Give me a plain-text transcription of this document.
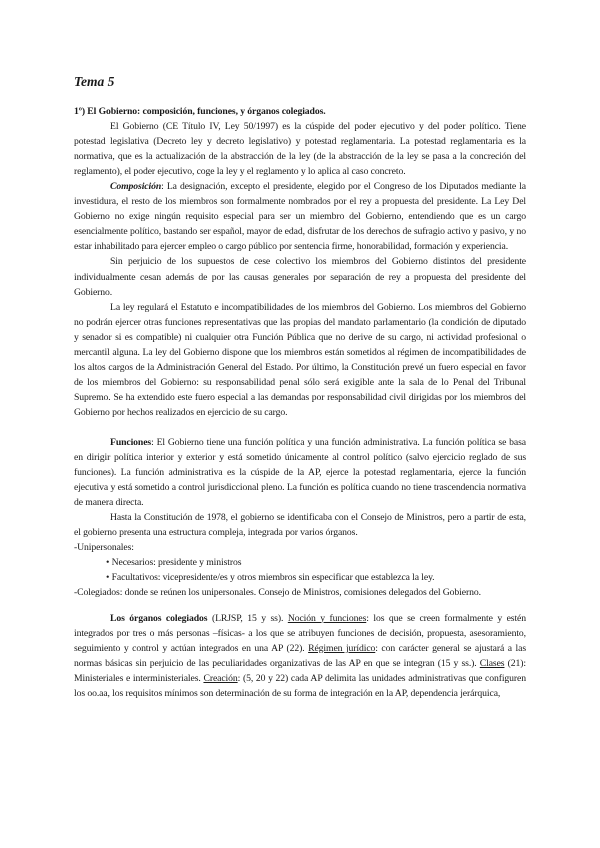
Tema 5

1º) El Gobierno: composición, funciones, y órganos colegiados.

El Gobierno (CE Título IV, Ley 50/1997) es la cúspide del poder ejecutivo y del poder político. Tiene potestad legislativa (Decreto ley y decreto legislativo) y potestad reglamentaria. La potestad reglamentaria es la normativa, que es la actualización de la abstracción de la ley (de la abstracción de la ley se pasa a la concreción del reglamento), el poder ejecutivo, coge la ley y el reglamento y lo aplica al caso concreto.

Composición: La designación, excepto el presidente, elegido por el Congreso de los Diputados mediante la investidura, el resto de los miembros son formalmente nombrados por el rey a propuesta del presidente. La Ley Del Gobierno no exige ningún requisito especial para ser un miembro del Gobierno, entendiendo que es un cargo esencialmente político, bastando ser español, mayor de edad, disfrutar de los derechos de sufragio activo y pasivo, y no estar inhabilitado para ejercer empleo o cargo público por sentencia firme, honorabilidad, formación y experiencia.

Sin perjuicio de los supuestos de cese colectivo los miembros del Gobierno distintos del presidente individualmente cesan además de por las causas generales por separación de rey a propuesta del presidente del Gobierno.

La ley regulará el Estatuto e incompatibilidades de los miembros del Gobierno. Los miembros del Gobierno no podrán ejercer otras funciones representativas que las propias del mandato parlamentario (la condición de diputado y senador si es compatible) ni cualquier otra Función Pública que no derive de su cargo, ni actividad profesional o mercantil alguna. La ley del Gobierno dispone que los miembros están sometidos al régimen de incompatibilidades de los altos cargos de la Administración General del Estado. Por último, la Constitución prevé un fuero especial en favor de los miembros del Gobierno: su responsabilidad penal sólo será exigible ante la sala de lo Penal del Tribunal Supremo. Se ha extendido este fuero especial a las demandas por responsabilidad civil dirigidas por los miembros del Gobierno por hechos realizados en ejercicio de su cargo.

Funciones: El Gobierno tiene una función política y una función administrativa. La función política se basa en dirigir política interior y exterior y está sometido únicamente al control político (salvo ejercicio reglado de sus funciones). La función administrativa es la cúspide de la AP, ejerce la potestad reglamentaria, ejerce la función ejecutiva y está sometido a control jurisdiccional pleno. La función es política cuando no tiene trascendencia normativa de manera directa.

Hasta la Constitución de 1978, el gobierno se identificaba con el Consejo de Ministros, pero a partir de esta, el gobierno presenta una estructura compleja, integrada por varios órganos.

-Unipersonales:

• Necesarios: presidente y ministros

• Facultativos: vicepresidente/es y otros miembros sin especificar que establezca la ley.

-Colegiados: donde se reúnen los unipersonales. Consejo de Ministros, comisiones delegados del Gobierno.

Los órganos colegiados (LRJSP, 15 y ss). Noción y funciones: los que se creen formalmente y estén integrados por tres o más personas –físicas- a los que se atribuyen funciones de decisión, propuesta, asesoramiento, seguimiento y control y actúan integrados en una AP (22). Régimen jurídico: con carácter general se ajustará a las normas básicas sin perjuicio de las peculiaridades organizativas de las AP en que se integran (15 y ss.). Clases (21): Ministeriales e interministeriales. Creación: (5, 20 y 22) cada AP delimita las unidades administrativas que configuren los oo.aa, los requisitos mínimos son determinación de su forma de integración en la AP, dependencia jerárquica,
